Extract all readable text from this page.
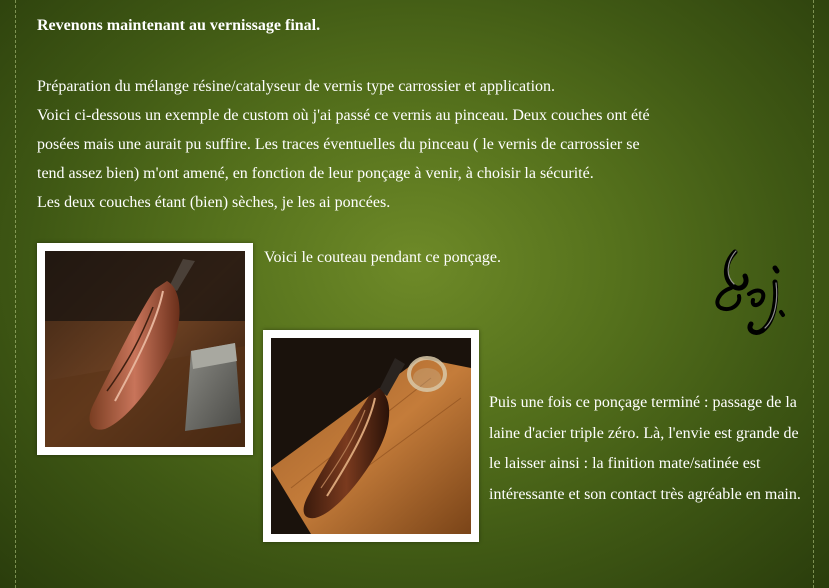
Revenons maintenant au vernissage final.
Préparation du mélange résine/catalyseur de vernis type carrossier et application.
Voici ci-dessous un exemple de custom où j'ai passé ce vernis au pinceau. Deux couches ont été
posées mais une aurait pu suffire. Les traces éventuelles du pinceau ( le vernis de carrossier se
tend assez bien) m'ont amené, en fonction de leur ponçage à venir, à choisir la sécurité.
Les deux couches étant (bien) sèches, je les ai poncées.
Voici le couteau pendant ce ponçage.
Puis une fois ce ponçage terminé : passage de la laine d'acier triple zéro. Là, l'envie est grande de le laisser ainsi : la finition mate/satinée est intéressante et son contact très agréable en main.
